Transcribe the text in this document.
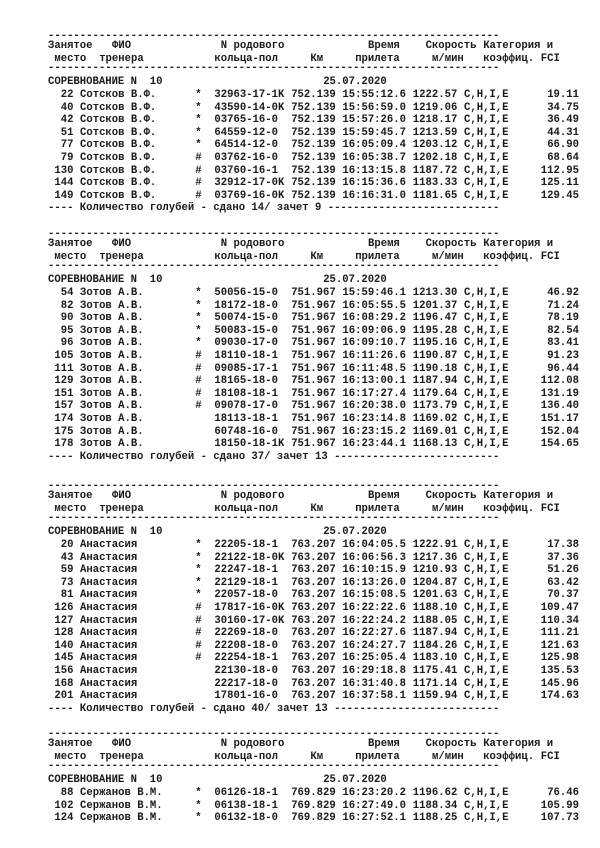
-----------------------------------------------------------------------
Занятое ФИО	N родового	Время Скорость Категория и
место тренера	кольца-пол	Км	прилета	м/мин коэффиц. FCI
-----------------------------------------------------------------------
СОРЕВНОВАНИЕ N  10	25.07.2020
22 Сотсков В.Ф.	* 32963-17-1K 752.139 15:55:12.6 1222.57 C,H,I,E	19.11
40 Сотсков В.Ф.	* 43590-14-0K 752.139 15:56:59.0 1219.06 C,H,I,E	34.75
42 Сотсков В.Ф.	* 03765-16-0 752.139 15:57:26.0 1218.17 C,H,I,E	36.49
51 Сотсков В.Ф.	* 64559-12-0 752.139 15:59:45.7 1213.59 C,H,I,E	44.31
77 Сотсков В.Ф.	* 64514-12-0 752.139 16:05:09.4 1203.12 C,H,I,E	66.90
79 Сотсков В.Ф.	# 03762-16-0 752.139 16:05:38.7 1202.18 C,H,I,E	68.64
130 Сотсков В.Ф.	# 03760-16-1 752.139 16:13:15.8 1187.72 C,H,I,E	112.95
144 Сотсков В.Ф.	# 32912-17-0K 752.139 16:15:36.6 1183.33 C,H,I,E	125.11
149 Сотсков В.Ф.	# 03769-16-0K 752.139 16:16:31.0 1181.65 C,H,I,E	129.45
---- Количество голубей - сдано 14/ зачет 9 ---------------------------
-----------------------------------------------------------------------
Занятое ФИО	N родового	Время Скорость Категория и
место тренера	кольца-пол	Км	прилета	м/мин коэффиц. FCI
-----------------------------------------------------------------------
СОРЕВНОВАНИЕ N  10	25.07.2020
54 Зотов А.В.	* 50056-15-0 751.967 15:59:46.1 1213.30 C,H,I,E	46.92
82 Зотов А.В.	* 18172-18-0 751.967 16:05:55.5 1201.37 C,H,I,E	71.24
90 Зотов А.В.	* 50074-15-0 751.967 16:08:29.2 1196.47 C,H,I,E	78.19
95 Зотов А.В.	* 50083-15-0 751.967 16:09:06.9 1195.28 C,H,I,E	82.54
96 Зотов А.В.	* 09030-17-0 751.967 16:09:10.7 1195.16 C,H,I,E	83.41
105 Зотов А.В.	# 18110-18-1 751.967 16:11:26.6 1190.87 C,H,I,E	91.23
111 Зотов А.В.	# 09085-17-1 751.967 16:11:48.5 1190.18 C,H,I,E	96.44
129 Зотов А.В.	# 18165-18-0 751.967 16:13:00.1 1187.94 C,H,I,E	112.08
151 Зотов А.В.	# 18108-18-1 751.967 16:17:27.4 1179.64 C,H,I,E	131.19
157 Зотов А.В.	# 09078-17-0 751.967 16:20:38.0 1173.79 C,H,I,E	136.40
174 Зотов А.В.	18113-18-1 751.967 16:23:14.8 1169.02 C,H,I,E	151.17
175 Зотов А.В.	60748-16-0 751.967 16:23:15.2 1169.01 C,H,I,E	152.04
178 Зотов А.В.	18150-18-1K 751.967 16:23:44.1 1168.13 C,H,I,E	154.65
---- Количество голубей - сдано 37/ зачет 13 --------------------------
-----------------------------------------------------------------------
Занятое ФИО	N родового	Время Скорость Категория и
место тренера	кольца-пол	Км	прилета	м/мин коэффиц. FCI
-----------------------------------------------------------------------
СОРЕВНОВАНИЕ N  10	25.07.2020
20 Анастасия	* 22205-18-1 763.207 16:04:05.5 1222.91 C,H,I,E	17.38
43 Анастасия	* 22122-18-0K 763.207 16:06:56.3 1217.36 C,H,I,E	37.36
59 Анастасия	* 22247-18-1 763.207 16:10:15.9 1210.93 C,H,I,E	51.26
73 Анастасия	* 22129-18-1 763.207 16:13:26.0 1204.87 C,H,I,E	63.42
81 Анастасия	* 22057-18-0 763.207 16:15:08.5 1201.63 C,H,I,E	70.37
126 Анастасия	# 17817-16-0K 763.207 16:22:22.6 1188.10 C,H,I,E	109.47
127 Анастасия	# 30160-17-0K 763.207 16:22:24.2 1188.05 C,H,I,E	110.34
128 Анастасия	# 22269-18-0 763.207 16:22:27.6 1187.94 C,H,I,E	111.21
140 Анастасия	# 22208-18-0 763.207 16:24:27.7 1184.26 C,H,I,E	121.63
145 Анастасия	# 22254-18-1 763.207 16:25:05.4 1183.10 C,H,I,E	125.98
156 Анастасия	22130-18-0 763.207 16:29:18.8 1175.41 C,H,I,E	135.53
168 Анастасия	22217-18-0 763.207 16:31:40.8 1171.14 C,H,I,E	145.96
201 Анастасия	17801-16-0 763.207 16:37:58.1 1159.94 C,H,I,E	174.63
---- Количество голубей - сдано 40/ зачет 13 --------------------------
-----------------------------------------------------------------------
Занятое ФИО	N родового	Время Скорость Категория и
место тренера	кольца-пол	Км	прилета	м/мин коэффиц. FCI
-----------------------------------------------------------------------
СОРЕВНОВАНИЕ N  10	25.07.2020
88 Сержанов В.М.	* 06126-18-1 769.829 16:23:20.2 1196.62 C,H,I,E	76.46
102 Сержанов В.М.	* 06138-18-1 769.829 16:27:49.0 1188.34 C,H,I,E	105.99
124 Сержанов В.М.	* 06132-18-0 769.829 16:27:52.1 1188.25 C,H,I,E	107.73
